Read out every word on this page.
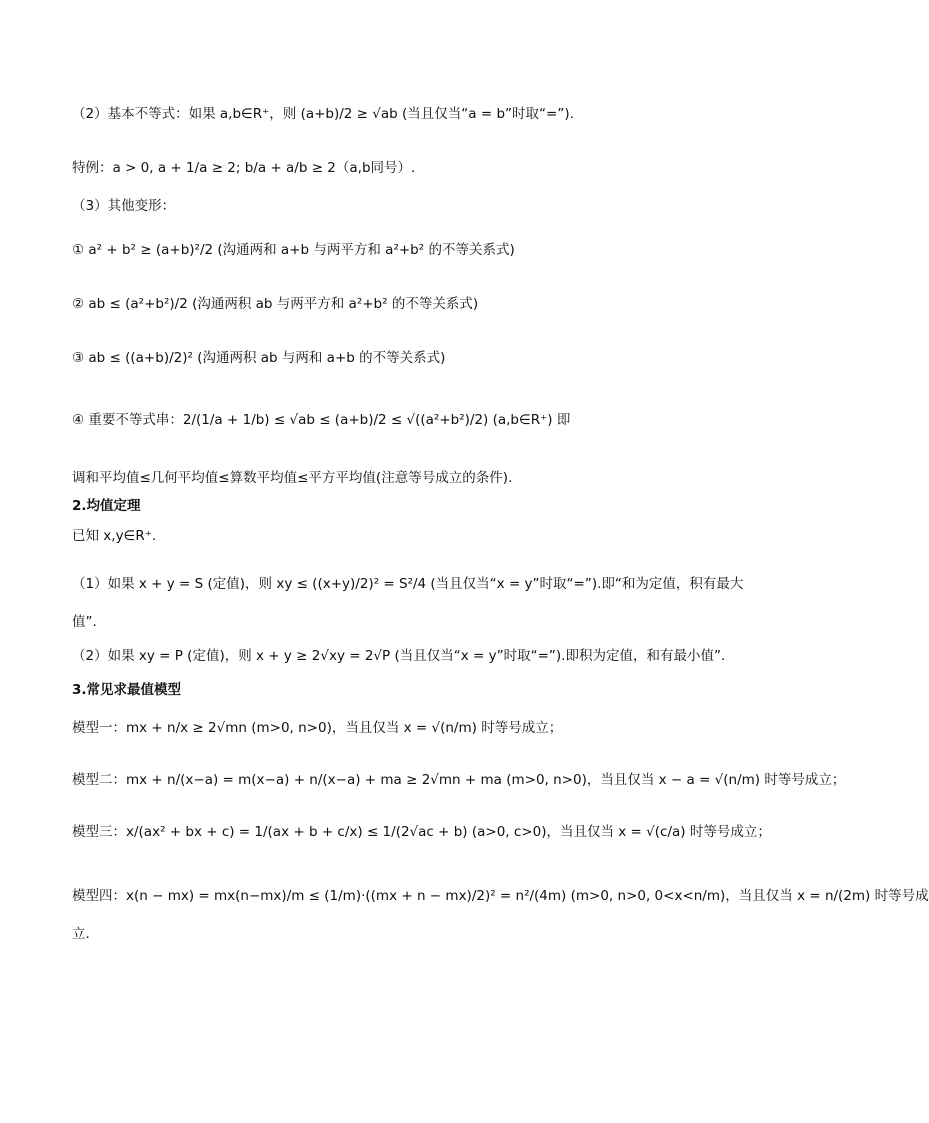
（2）基本不等式：如果 a,b∈R⁺，则 (a+b)/2 ≥ √ab (当且仅当“a = b”时取“=”).
特例：a > 0, a + 1/a ≥ 2; b/a + a/b ≥ 2（a,b同号）.
（3）其他变形：
① a² + b² ≥ (a+b)²/2 (沟通两和 a+b 与两平方和 a²+b² 的不等关系式)
② ab ≤ (a²+b²)/2 (沟通两积 ab 与两平方和 a²+b² 的不等关系式)
③ ab ≤ ((a+b)/2)² (沟通两积 ab 与两和 a+b 的不等关系式)
④ 重要不等式串：2/(1/a + 1/b) ≤ √ab ≤ (a+b)/2 ≤ √((a²+b²)/2) (a,b∈R⁺) 即
调和平均值≤几何平均值≤算数平均值≤平方平均值(注意等号成立的条件).
2.均值定理
已知 x,y∈R⁺.
（1）如果 x + y = S (定值)，则 xy ≤ ((x+y)/2)² = S²/4 (当且仅当“x = y”时取“=”).即“和为定值，积有最大
值”.
（2）如果 xy = P (定值)，则 x + y ≥ 2√xy = 2√P (当且仅当“x = y”时取“=”).即积为定值，和有最小值”.
3.常见求最值模型
模型一：mx + n/x ≥ 2√mn (m>0, n>0)，当且仅当 x = √(n/m) 时等号成立；
模型二：mx + n/(x−a) = m(x−a) + n/(x−a) + ma ≥ 2√mn + ma (m>0, n>0)，当且仅当 x − a = √(n/m) 时等号成立；
模型三：x/(ax² + bx + c) = 1/(ax + b + c/x) ≤ 1/(2√ac + b) (a>0, c>0)，当且仅当 x = √(c/a) 时等号成立；
模型四：x(n − mx) = mx(n−mx)/m ≤ (1/m)·((mx + n − mx)/2)² = n²/(4m) (m>0, n>0, 0<x<n/m)，当且仅当 x = n/(2m) 时等号成
立.
